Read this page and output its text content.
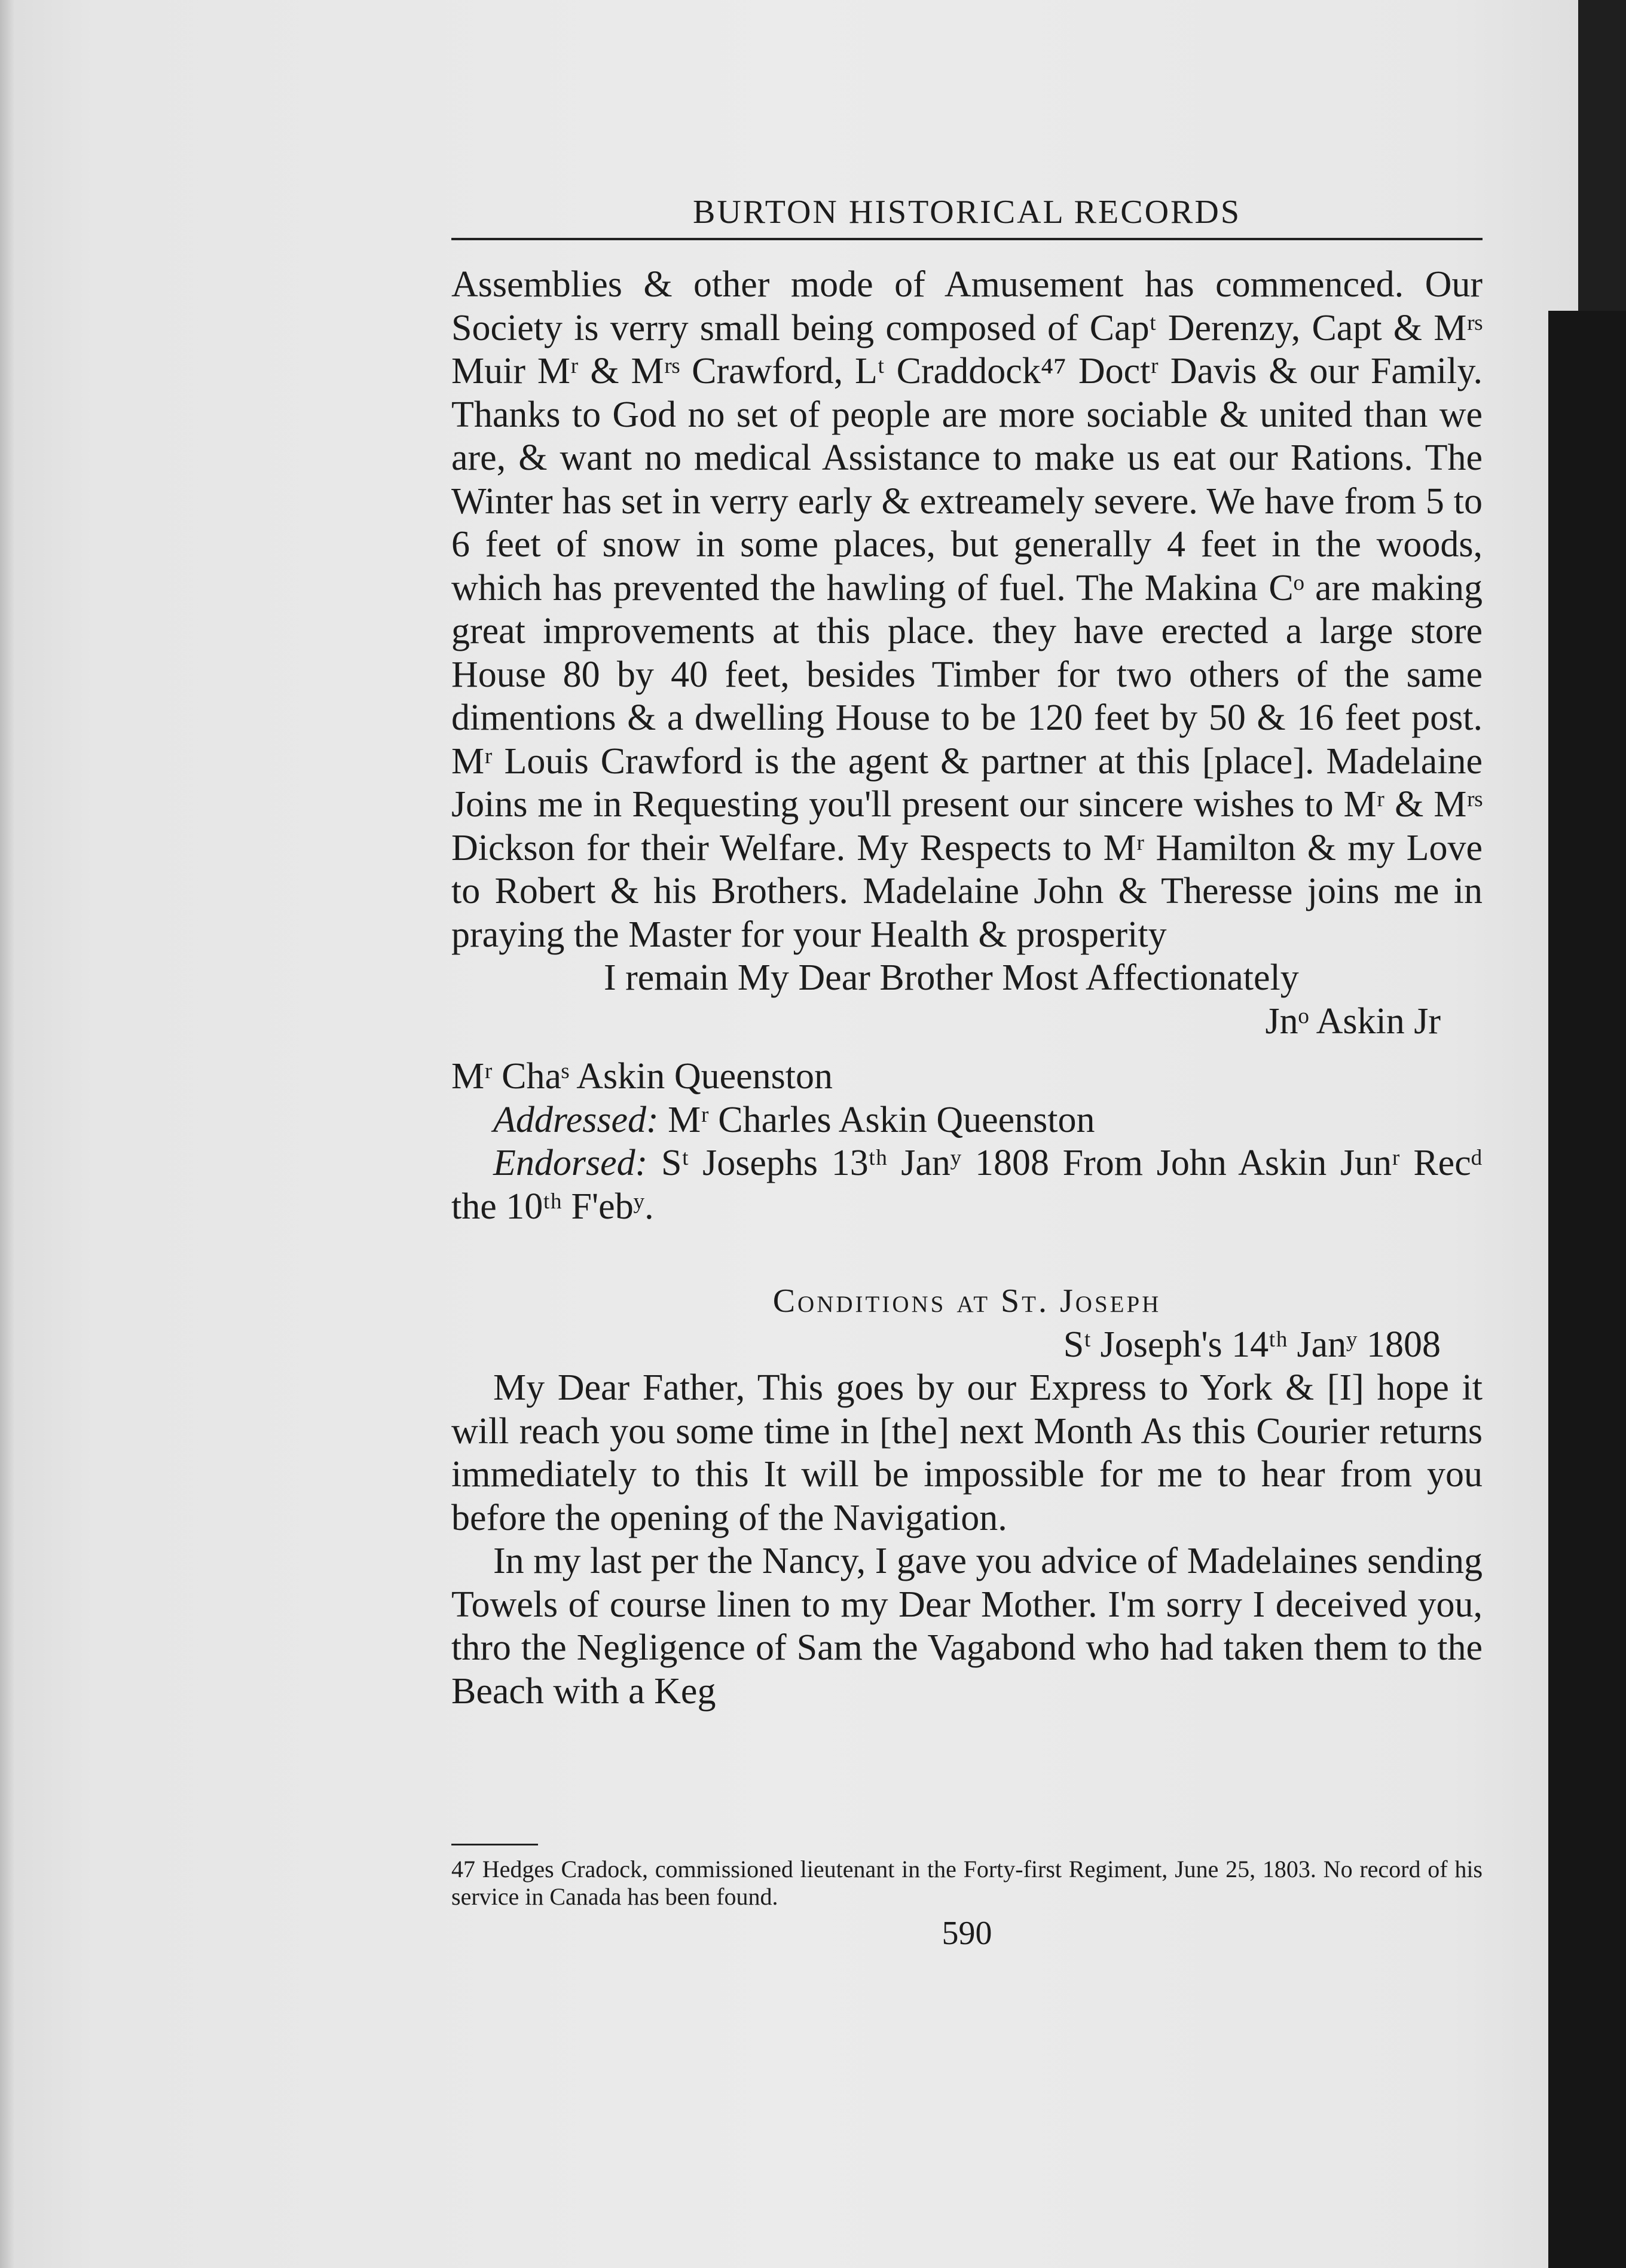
BURTON HISTORICAL RECORDS

Assemblies & other mode of Amusement has commenced. Our Society is verry small being composed of Capᵗ Derenzy, Capt & Mʳˢ Muir Mʳ & Mʳˢ Crawford, Lᵗ Craddock⁴⁷ Doctʳ Davis & our Family. Thanks to God no set of people are more sociable & united than we are, & want no medical Assistance to make us eat our Rations. The Winter has set in verry early & extreamely severe. We have from 5 to 6 feet of snow in some places, but generally 4 feet in the woods, which has prevented the hawling of fuel. The Makina Cᵒ are making great improvements at this place. they have erected a large store House 80 by 40 feet, besides Timber for two others of the same dimentions & a dwelling House to be 120 feet by 50 & 16 feet post. Mʳ Louis Crawford is the agent & partner at this [place]. Madelaine Joins me in Requesting you'll present our sincere wishes to Mʳ & Mʳˢ Dickson for their Welfare. My Respects to Mʳ Hamilton & my Love to Robert & his Brothers. Madelaine John & Theresse joins me in praying the Master for your Health & prosperity

I remain My Dear Brother Most Affectionately

Jnᵒ Askin Jr

Mʳ Chaˢ Askin Queenston

Addressed: Mʳ Charles Askin Queenston

Endorsed: Sᵗ Josephs 13ᵗʰ Janʸ 1808 From John Askin Junʳ Recᵈ the 10ᵗʰ F'ebʸ.

Conditions at St. Joseph

Sᵗ Joseph's 14ᵗʰ Janʸ 1808

My Dear Father, This goes by our Express to York & [I] hope it will reach you some time in [the] next Month As this Courier returns immediately to this It will be impossible for me to hear from you before the opening of the Navigation.

In my last per the Nancy, I gave you advice of Madelaines sending Towels of course linen to my Dear Mother. I'm sorry I deceived you, thro the Negligence of Sam the Vagabond who had taken them to the Beach with a Keg

47 Hedges Cradock, commissioned lieutenant in the Forty-first Regiment, June 25, 1803. No record of his service in Canada has been found.
590
